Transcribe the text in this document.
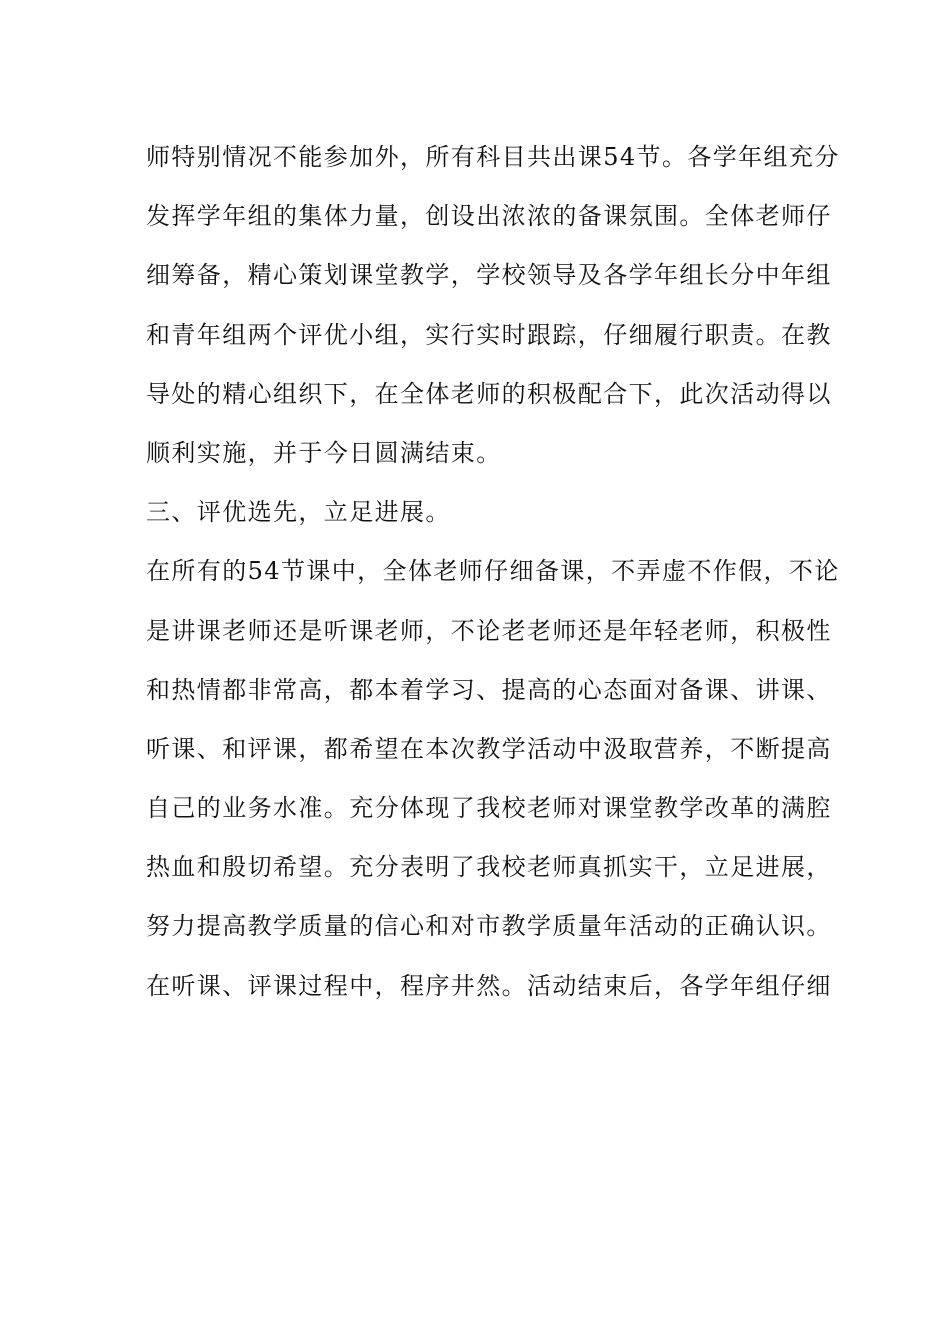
师特别情况不能参加外，所有科目共出课54节。各学年组充分
发挥学年组的集体力量，创设出浓浓的备课氛围。全体老师仔
细筹备，精心策划课堂教学，学校领导及各学年组长分中年组
和青年组两个评优小组，实行实时跟踪，仔细履行职责。在教
导处的精心组织下，在全体老师的积极配合下，此次活动得以
顺利实施，并于今日圆满结束。
三、评优选先，立足进展。
在所有的54节课中，全体老师仔细备课，不弄虚不作假，不论
是讲课老师还是听课老师，不论老老师还是年轻老师，积极性
和热情都非常高，都本着学习、提高的心态面对备课、讲课、
听课、和评课，都希望在本次教学活动中汲取营养，不断提高
自己的业务水准。充分体现了我校老师对课堂教学改革的满腔
热血和殷切希望。充分表明了我校老师真抓实干，立足进展，
努力提高教学质量的信心和对市教学质量年活动的正确认识。
在听课、评课过程中，程序井然。活动结束后，各学年组仔细
